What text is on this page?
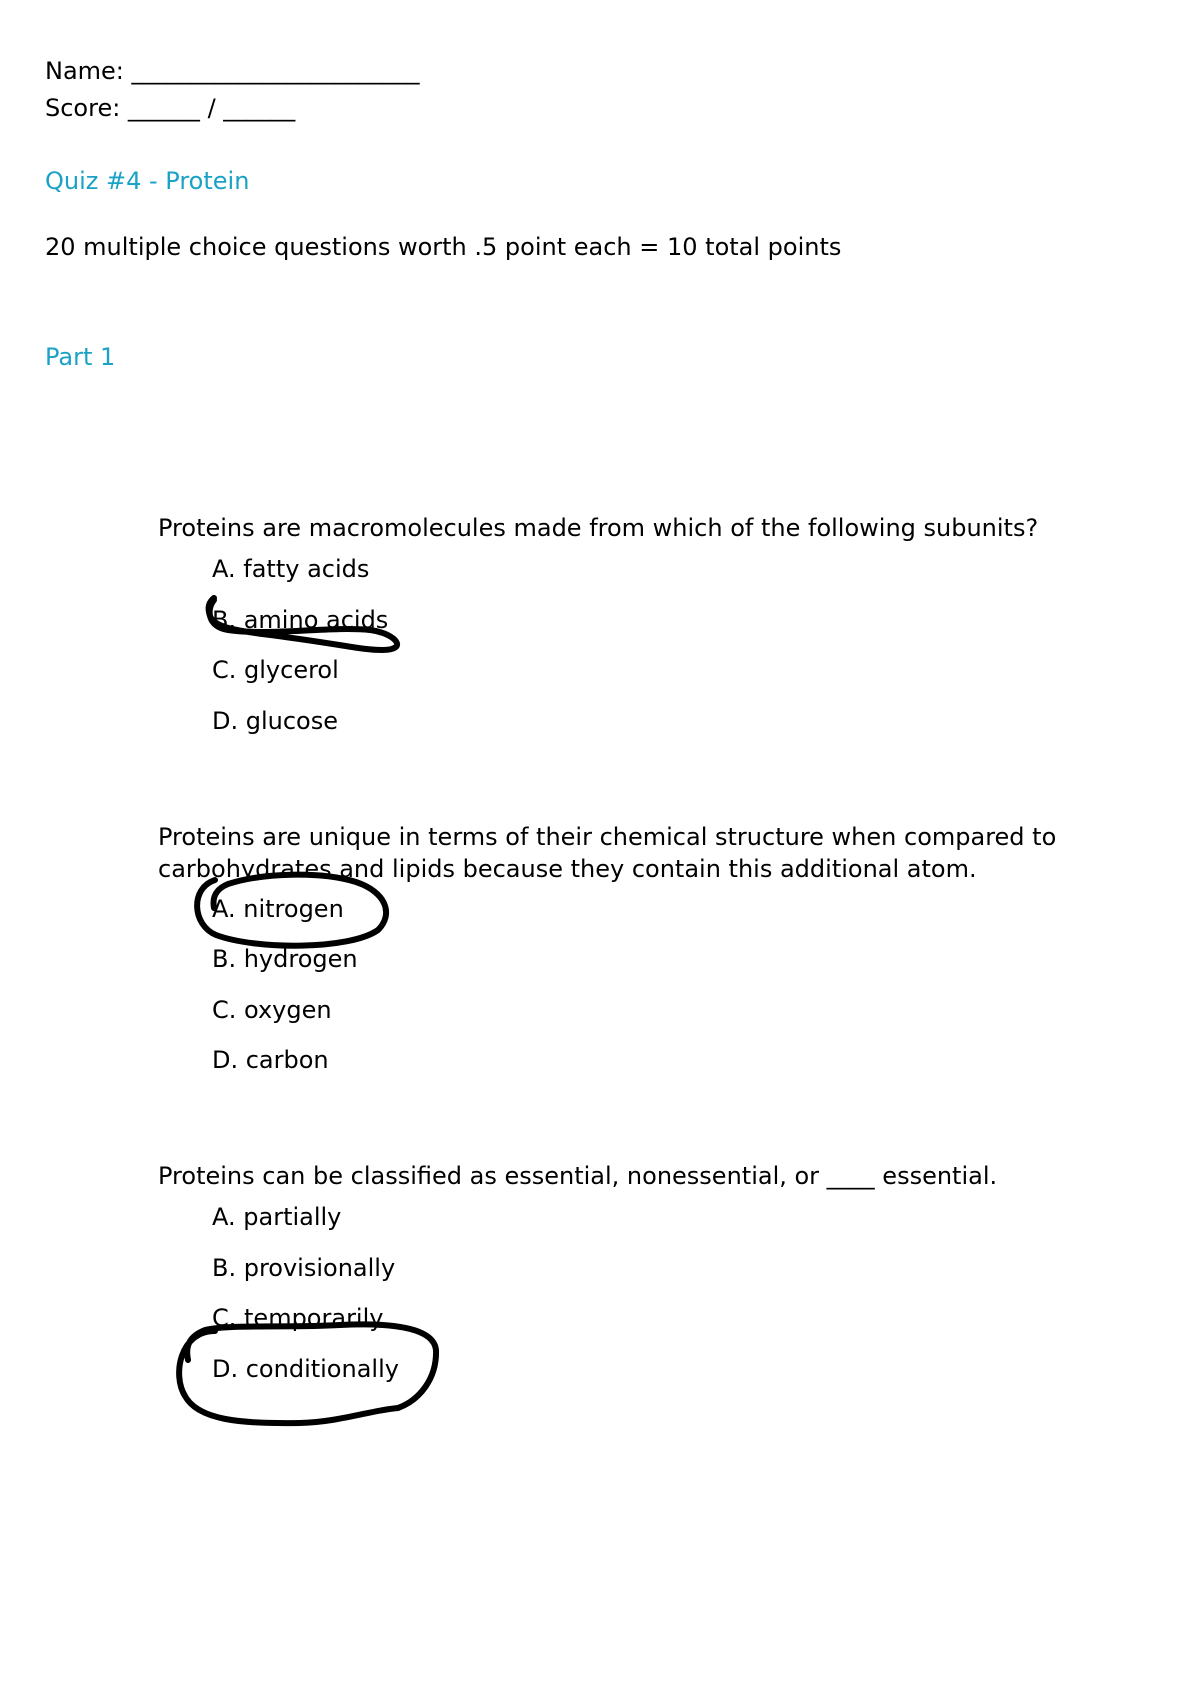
Name: ________________________
Score: ______ / ______
Quiz #4 - Protein
20 multiple choice questions worth .5 point each = 10 total points
Part 1
Proteins are macromolecules made from which of the following subunits?
A. fatty acids
B. amino acids
C. glycerol
D. glucose
Proteins are unique in terms of their chemical structure when compared to
carbohydrates and lipids because they contain this additional atom.
A. nitrogen
B. hydrogen
C. oxygen
D. carbon
Proteins can be classified as essential, nonessential, or ____ essential.
A. partially
B. provisionally
C. temporarily
D. conditionally
